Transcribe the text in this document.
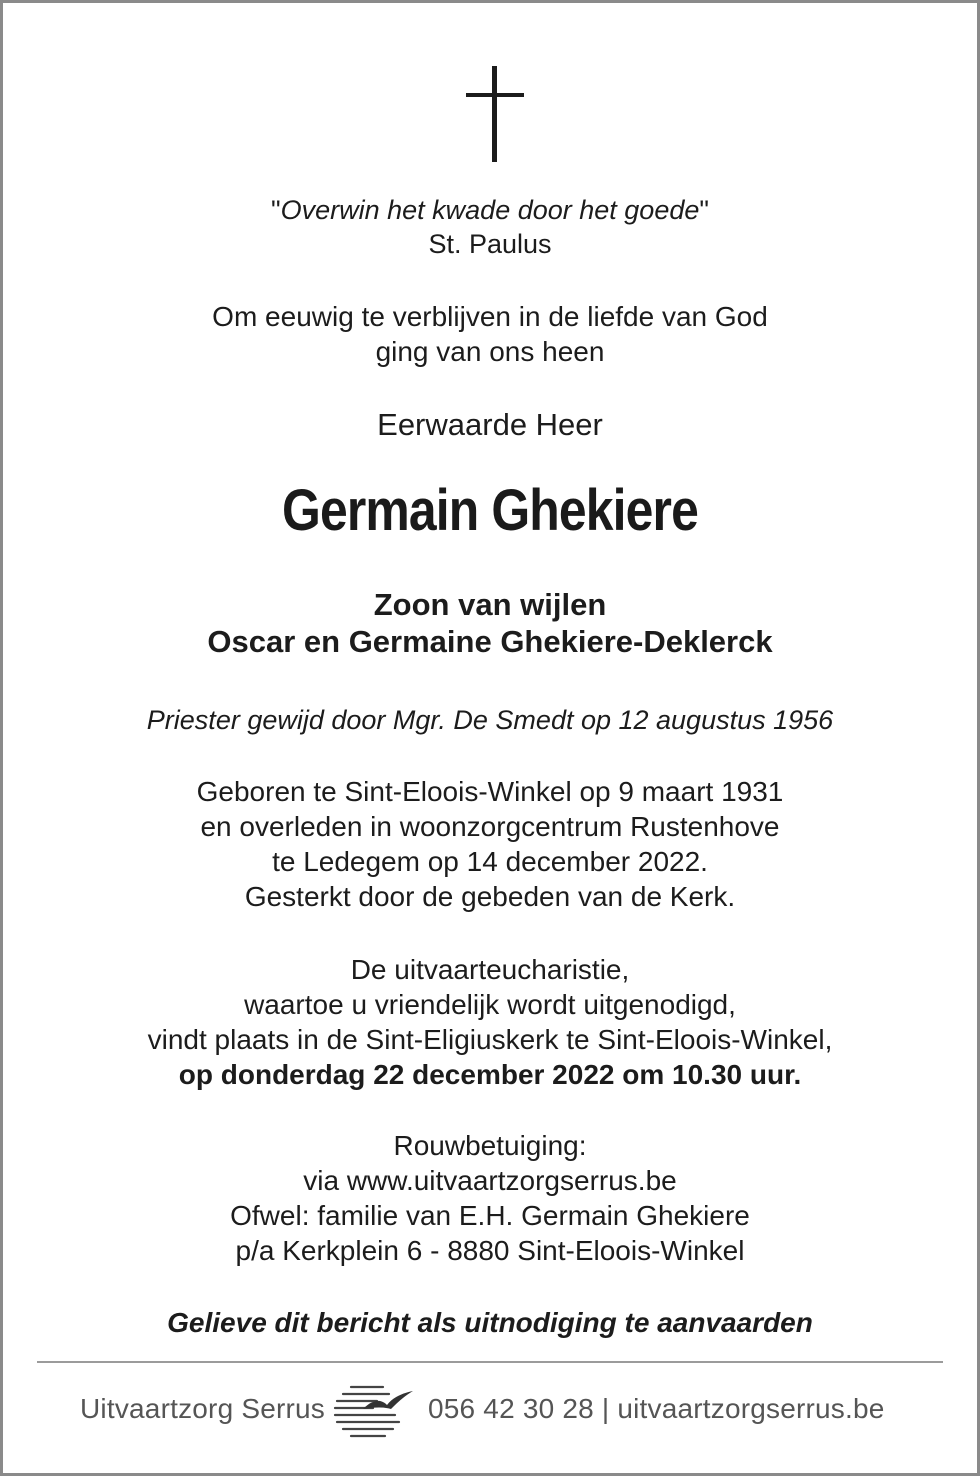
"Overwin het kwade door het goede"
St. Paulus
Om eeuwig te verblijven in de liefde van God
ging van ons heen
Eerwaarde Heer
Germain Ghekiere
Zoon van wijlen
Oscar en Germaine Ghekiere-Deklerck
Priester gewijd door Mgr. De Smedt op 12 augustus 1956
Geboren te Sint-Eloois-Winkel op 9 maart 1931
en overleden in woonzorgcentrum Rustenhove
te Ledegem op 14 december 2022.
Gesterkt door de gebeden van de Kerk.
De uitvaarteucharistie,
waartoe u vriendelijk wordt uitgenodigd,
vindt plaats in de Sint-Eligiuskerk te Sint-Eloois-Winkel,
op donderdag 22 december 2022 om 10.30 uur.
Rouwbetuiging:
via www.uitvaartzorgserrus.be
Ofwel: familie van E.H. Germain Ghekiere
p/a Kerkplein 6 - 8880 Sint-Eloois-Winkel
Gelieve dit bericht als uitnodiging te aanvaarden
Uitvaartzorg Serrus	056 42 30 28 | uitvaartzorgserrus.be
